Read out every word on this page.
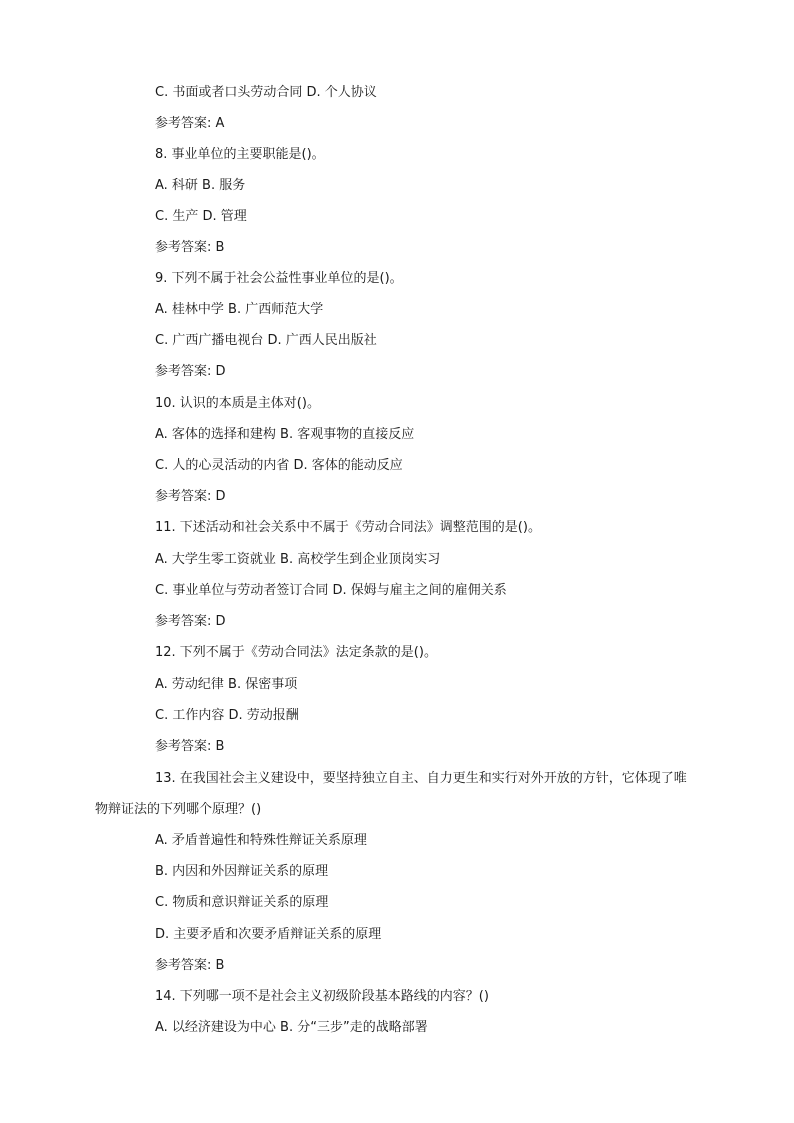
C. 书面或者口头劳动合同 D. 个人协议
参考答案: A
8. 事业单位的主要职能是()。
A. 科研 B. 服务
C. 生产 D. 管理
参考答案: B
9. 下列不属于社会公益性事业单位的是()。
A. 桂林中学 B. 广西师范大学
C. 广西广播电视台 D. 广西人民出版社
参考答案: D
10. 认识的本质是主体对()。
A. 客体的选择和建构 B. 客观事物的直接反应
C. 人的心灵活动的内省 D. 客体的能动反应
参考答案: D
11. 下述活动和社会关系中不属于《劳动合同法》调整范围的是()。
A. 大学生零工资就业 B. 高校学生到企业顶岗实习
C. 事业单位与劳动者签订合同 D. 保姆与雇主之间的雇佣关系
参考答案: D
12. 下列不属于《劳动合同法》法定条款的是()。
A. 劳动纪律 B. 保密事项
C. 工作内容 D. 劳动报酬
参考答案: B
13. 在我国社会主义建设中，要坚持独立自主、自力更生和实行对外开放的方针，它体现了唯物辩证法的下列哪个原理？()
A. 矛盾普遍性和特殊性辩证关系原理
B. 内因和外因辩证关系的原理
C. 物质和意识辩证关系的原理
D. 主要矛盾和次要矛盾辩证关系的原理
参考答案: B
14. 下列哪一项不是社会主义初级阶段基本路线的内容？()
A. 以经济建设为中心 B. 分“三步”走的战略部署
